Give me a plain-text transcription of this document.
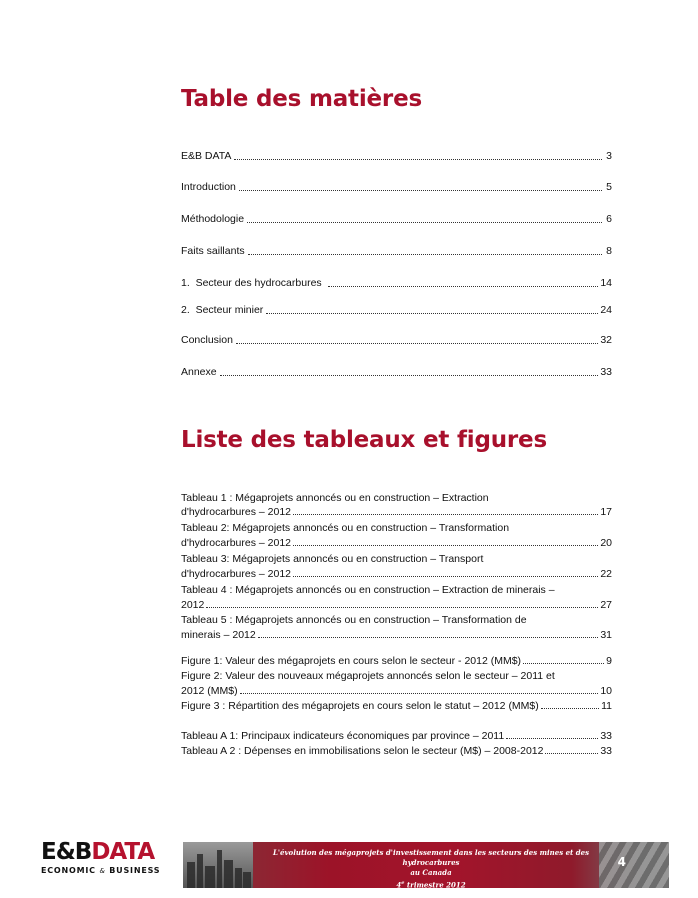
Table des matières
E&B DATA	3
Introduction	5
Méthodologie	6
Faits saillants	8
1.  Secteur des hydrocarbures	14
2.  Secteur minier	24
Conclusion	32
Annexe	33
Liste des tableaux et figures
Tableau 1 : Mégaprojets annoncés ou en construction – Extraction
d'hydrocarbures – 2012	17
Tableau 2: Mégaprojets annoncés ou en construction – Transformation
d'hydrocarbures – 2012	20
Tableau 3: Mégaprojets annoncés ou en construction – Transport
d'hydrocarbures – 2012	22
Tableau 4 : Mégaprojets annoncés ou en construction – Extraction de minerais –
2012	27
Tableau 5 : Mégaprojets annoncés ou en construction – Transformation de
minerais – 2012	31
Figure 1: Valeur des mégaprojets en cours selon le secteur - 2012 (MM$)	9
Figure 2: Valeur des nouveaux mégaprojets annoncés selon le secteur – 2011 et
2012 (MM$)	10
Figure 3 : Répartition des mégaprojets en cours selon le statut – 2012 (MM$)	11
Tableau A 1: Principaux indicateurs économiques par province – 2011	33
Tableau A 2 : Dépenses en immobilisations selon le secteur (M$) – 2008-2012	33
E&BDATA
ECONOMIC & BUSINESS
L'évolution des mégaprojets d'investissement dans les secteurs des mines et des hydrocarbures
au Canada
4e trimestre 2012
4
